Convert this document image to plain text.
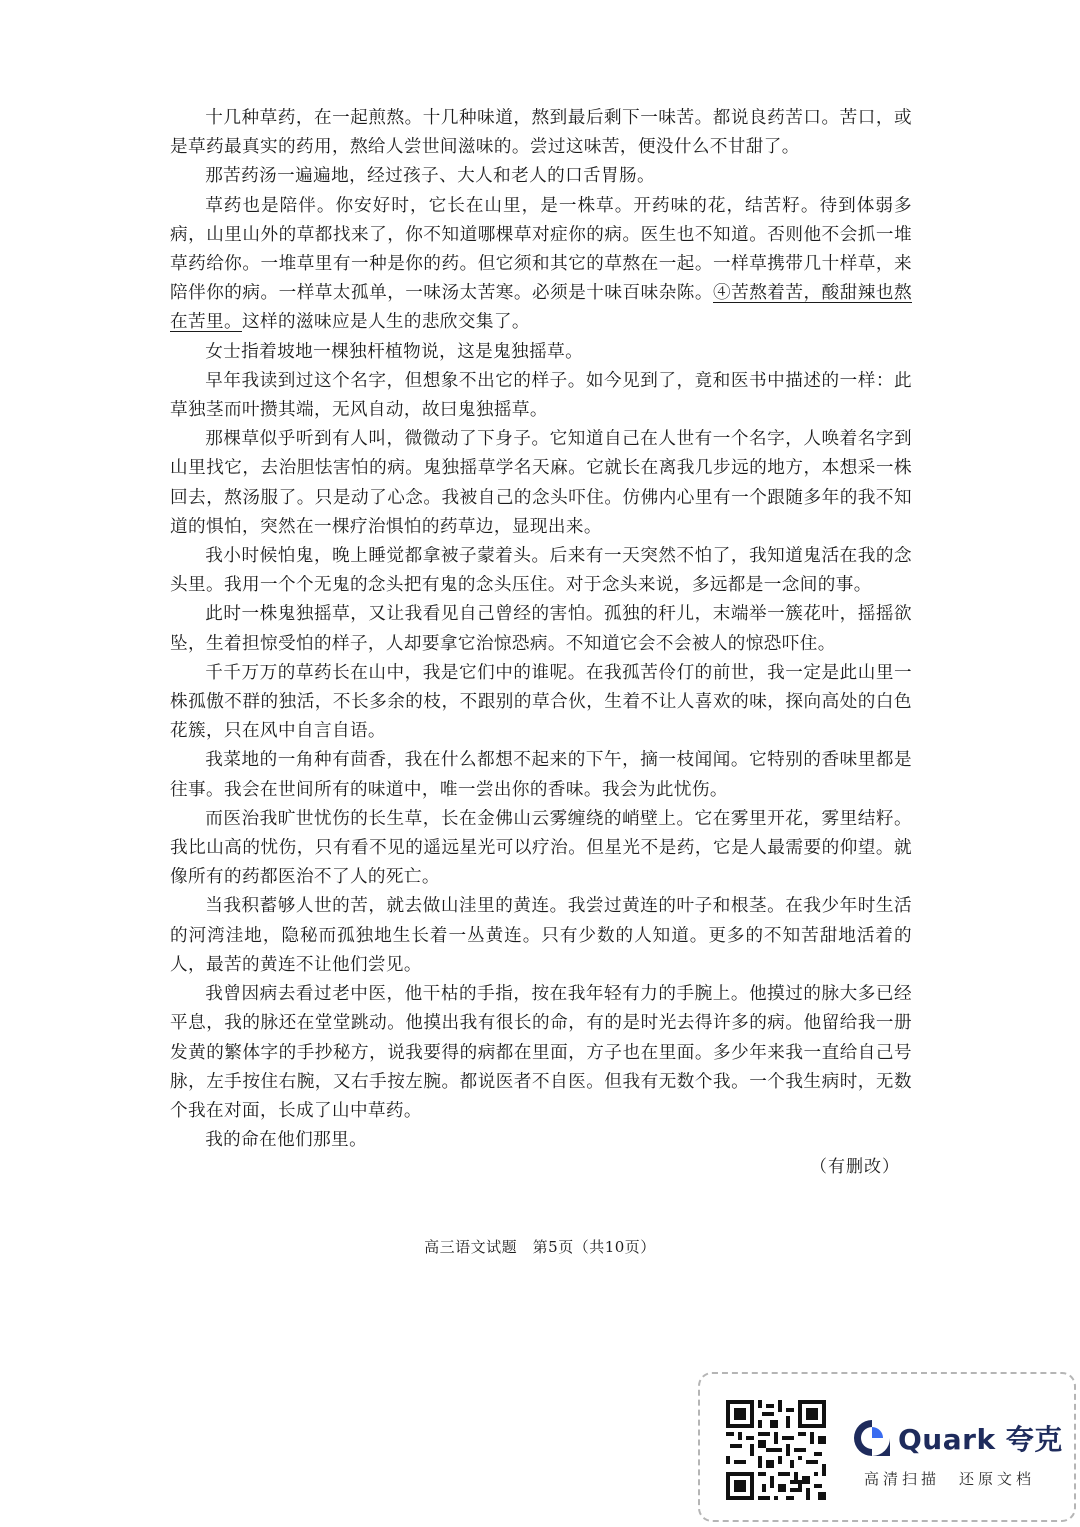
十几种草药，在一起煎熬。十几种味道，熬到最后剩下一味苦。都说良药苦口。苦口，或是草药最真实的药用，熬给人尝世间滋味的。尝过这味苦，便没什么不甘甜了。

那苦药汤一遍遍地，经过孩子、大人和老人的口舌胃肠。

草药也是陪伴。你安好时，它长在山里，是一株草。开药味的花，结苦籽。待到体弱多病，山里山外的草都找来了，你不知道哪棵草对症你的病。医生也不知道。否则他不会抓一堆草药给你。一堆草里有一种是你的药。但它须和其它的草熬在一起。一样草携带几十样草，来陪伴你的病。一样草太孤单，一味汤太苦寒。必须是十味百味杂陈。④苦熬着苦，酸甜辣也熬在苦里。这样的滋味应是人生的悲欣交集了。

女士指着坡地一棵独杆植物说，这是鬼独摇草。

早年我读到过这个名字，但想象不出它的样子。如今见到了，竟和医书中描述的一样：此草独茎而叶攒其端，无风自动，故曰鬼独摇草。

那棵草似乎听到有人叫，微微动了下身子。它知道自己在人世有一个名字，人唤着名字到山里找它，去治胆怯害怕的病。鬼独摇草学名天麻。它就长在离我几步远的地方，本想采一株回去，熬汤服了。只是动了心念。我被自己的念头吓住。仿佛内心里有一个跟随多年的我不知道的惧怕，突然在一棵疗治惧怕的药草边，显现出来。

我小时候怕鬼，晚上睡觉都拿被子蒙着头。后来有一天突然不怕了，我知道鬼活在我的念头里。我用一个个无鬼的念头把有鬼的念头压住。对于念头来说，多远都是一念间的事。

此时一株鬼独摇草，又让我看见自己曾经的害怕。孤独的秆儿，末端举一簇花叶，摇摇欲坠，生着担惊受怕的样子，人却要拿它治惊恐病。不知道它会不会被人的惊恐吓住。

千千万万的草药长在山中，我是它们中的谁呢。在我孤苦伶仃的前世，我一定是此山里一株孤傲不群的独活，不长多余的枝，不跟别的草合伙，生着不让人喜欢的味，探向高处的白色花簇，只在风中自言自语。

我菜地的一角种有茴香，我在什么都想不起来的下午，摘一枝闻闻。它特别的香味里都是往事。我会在世间所有的味道中，唯一尝出你的香味。我会为此忧伤。

而医治我旷世忧伤的长生草，长在金佛山云雾缠绕的峭壁上。它在雾里开花，雾里结籽。我比山高的忧伤，只有看不见的遥远星光可以疗治。但星光不是药，它是人最需要的仰望。就像所有的药都医治不了人的死亡。

当我积蓄够人世的苦，就去做山洼里的黄连。我尝过黄连的叶子和根茎。在我少年时生活的河湾洼地，隐秘而孤独地生长着一丛黄连。只有少数的人知道。更多的不知苦甜地活着的人，最苦的黄连不让他们尝见。

我曾因病去看过老中医，他干枯的手指，按在我年轻有力的手腕上。他摸过的脉大多已经平息，我的脉还在堂堂跳动。他摸出我有很长的命，有的是时光去得许多的病。他留给我一册发黄的繁体字的手抄秘方，说我要得的病都在里面，方子也在里面。多少年来我一直给自己号脉，左手按住右腕，又右手按左腕。都说医者不自医。但我有无数个我。一个我生病时，无数个我在对面，长成了山中草药。

我的命在他们那里。

（有删改）
高三语文试题　第5页（共10页）
Quark 夸克
高清扫描　还原文档
